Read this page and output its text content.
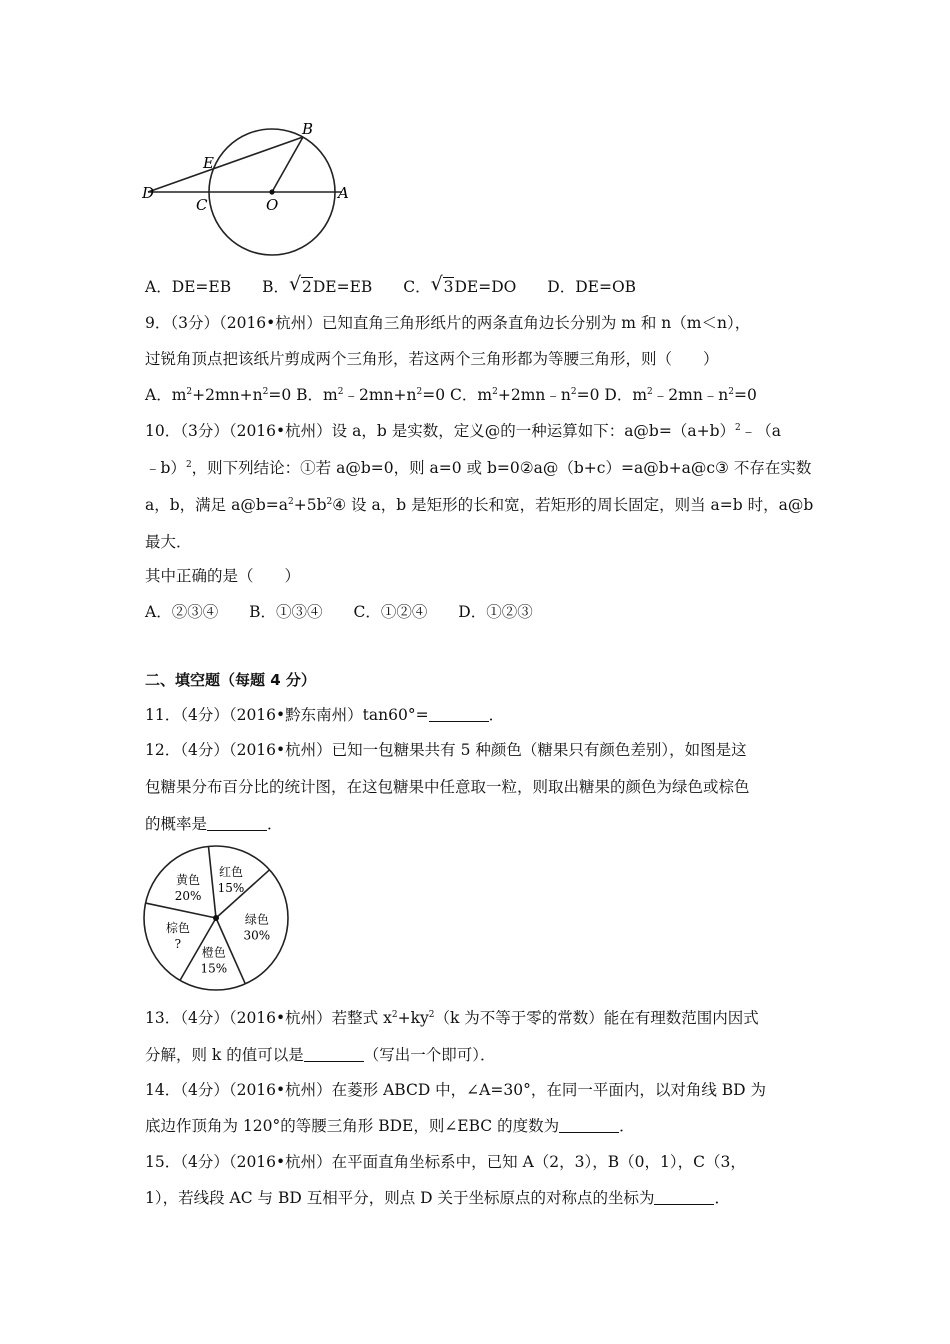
B
E
D
C	O
A
A．DE=EB B． √ 2DE=EB C． √ 3DE=DO D．DE=OB
9．（3分）（2016•杭州）已知直角三角形纸片的两条直角边长分别为 m 和 n（m＜n），
过锐角顶点把该纸片剪成两个三角形，若这两个三角形都为等腰三角形，则（　　）
A．$m^2+2mn+n^2=0$ B．$m^2﹣2mn+n^2=0$ C．$m^2+2mn﹣n^2=0$ D．$m^2﹣2mn﹣n^2=0$
10．（3分）（2016•杭州）设 a，b 是实数，定义@的一种运算如下：$a@b=(a+b)^2﹣(a$
﹣b）$^2$，则下列结论：①若 a@b=0，则 a=0 或 b=0②a@（b+c）=a@b+a@c③ 不存在实数
a，b，满足 $a@b=a^2+5b^2④$ 设 a，b 是矩形的长和宽，若矩形的周长固定，则当 a=b 时，a@b
最大．
其中正确的是（　　）
A．②③④ B．①③④ C．①②④ D．①②③
二、填空题（每题 4 分）
11．（4分）（2016•黔东南州）tan60°=	．
12．（4分）（2016•杭州）已知一包糖果共有 5 种颜色（糖果只有颜色差别），如图是这
包糖果分布百分比的统计图，在这包糖果中任意取一粒，则取出糖果的颜色为绿色或棕色
的概率是	．
红色
15%
绿色
30%
橙色
15%
棕色
?
黄色
20%
13．（4分）（2016•杭州）若整式 $x^2+ky^2(k$ 为不等于零的常数）能在有理数范围内因式
分解，则 k 的值可以是	（写出一个即可）．
14．（4分）（2016•杭州）在菱形 ABCD 中，∠A=30°，在同一平面内，以对角线 BD 为
底边作顶角为 120°的等腰三角形 BDE，则∠EBC 的度数为	．
15．（4分）（2016•杭州）在平面直角坐标系中，已知 A（2，3），B（0，1），C（3，
1），若线段 AC 与 BD 互相平分，则点 D 关于坐标原点的对称点的坐标为	．
